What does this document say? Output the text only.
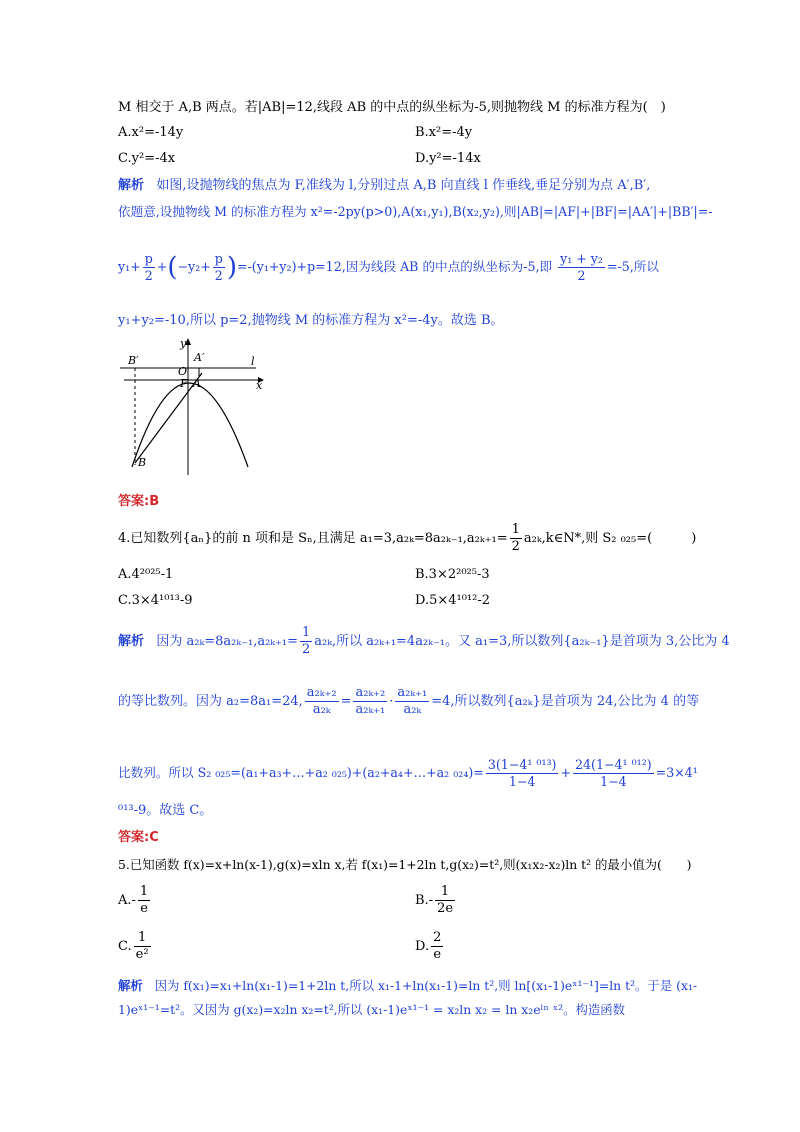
M 相交于 A,B 两点。若|AB|=12,线段 AB 的中点的纵坐标为-5,则抛物线 M 的标准方程为(　)
A.x²=-14y	B.x²=-4y
C.y²=-4x	D.y²=-14x
解析 如图,设抛物线的焦点为 F,准线为 l,分别过点 A,B 向直线 l 作垂线,垂足分别为点 A′,B′,
依题意,设抛物线 M 的标准方程为 x²=-2py(p>0),A(x₁,y₁),B(x₂,y₂),则|AB|=|AF|+|BF|=|AA′|+|BB′|=-
$y_1+ \frac{p}{2} +(-y_2+ \frac{p}{2} )=-(y_1+y_2)+p=12$,因为线段 AB 的中点的纵坐标为-5,即 $\frac{\text{y₁ + y₂}}{2} =-5$,所以
y₁+y₂=-10,所以 p=2,抛物线 M 的标准方程为 x²=-4y。故选 B。
B′	A′
y
l
O
F A	x
B
答案:B
4.已知数列{aₙ}的前 n 项和是 Sₙ,且满足 $a_1=3,a_{2k}=8a_{2k-1},a_{2k+1}= \frac{1}{2}$ a₂ₖ,k∈N*,则 S₂ ₀₂₅=(　　　)
A.4²⁰²⁵-1	B.3×2²⁰²⁵-3
C.3×4¹⁰¹³-9	D.5×4¹⁰¹²-2
解析 因为 $a_{2k}=8a_{2k-1},a_{2k+1}= \frac{1}{2} a_{2k}$,所以 a₂ₖ₊₁=4a₂ₖ₋₁。又 a₁=3,所以数列{a₂ₖ₋₁}是首项为 3,公比为 4
的等比数列。因为 a₂=8a₁=24, $\frac{\text{a₂ₖ₊₂}}{\text{a₂ₖ}} = \frac{\text{a₂ₖ₊₂}}{\text{a₂ₖ₊₁}} \cdot \frac{\text{a₂ₖ₊₁}}{\text{a₂ₖ}} =4$,所以数列{a₂ₖ}是首项为 24,公比为 4 的等
比数列。所以 S₂ ₀₂₅=(a₁+a₃+…+a₂ ₀₂₅)+(a₂+a₄+…+a₂ $_{024})= \frac{\text{3(1−4¹ ⁰¹³)}}{1-4} + \frac{\text{24(1−4¹ ⁰¹²)}}{1-4} =3\times 4^1$
⁰¹³-9。故选 C。
答案:C
5.已知函数 f(x)=x+ln(x-1),g(x)=xln x,若 f(x₁)=1+2ln t,g(x₂)=t²,则(x₁x₂-x₂)ln t² 的最小值为(　　)
$A.- \frac{1}{e}$	$B.- \frac{1}{2e}$
C. $\frac{1}{\text{e²}}$	D. $\frac{2}{e}$
解析 因为 f(x₁)=x₁+ln(x₁-1)=1+2ln t,所以 x₁-1+ln(x₁-1)=ln t²,则 ln[(x₁-1)eˣ¹⁻¹]=ln t²。于是 (x₁-
1)eˣ¹⁻¹=t²。又因为 g(x₂)=x₂ln x₂=t²,所以 (x₁-1)eˣ¹⁻¹ = x₂ln x₂ = ln x₂eˡⁿ ˣ²。构造函数
